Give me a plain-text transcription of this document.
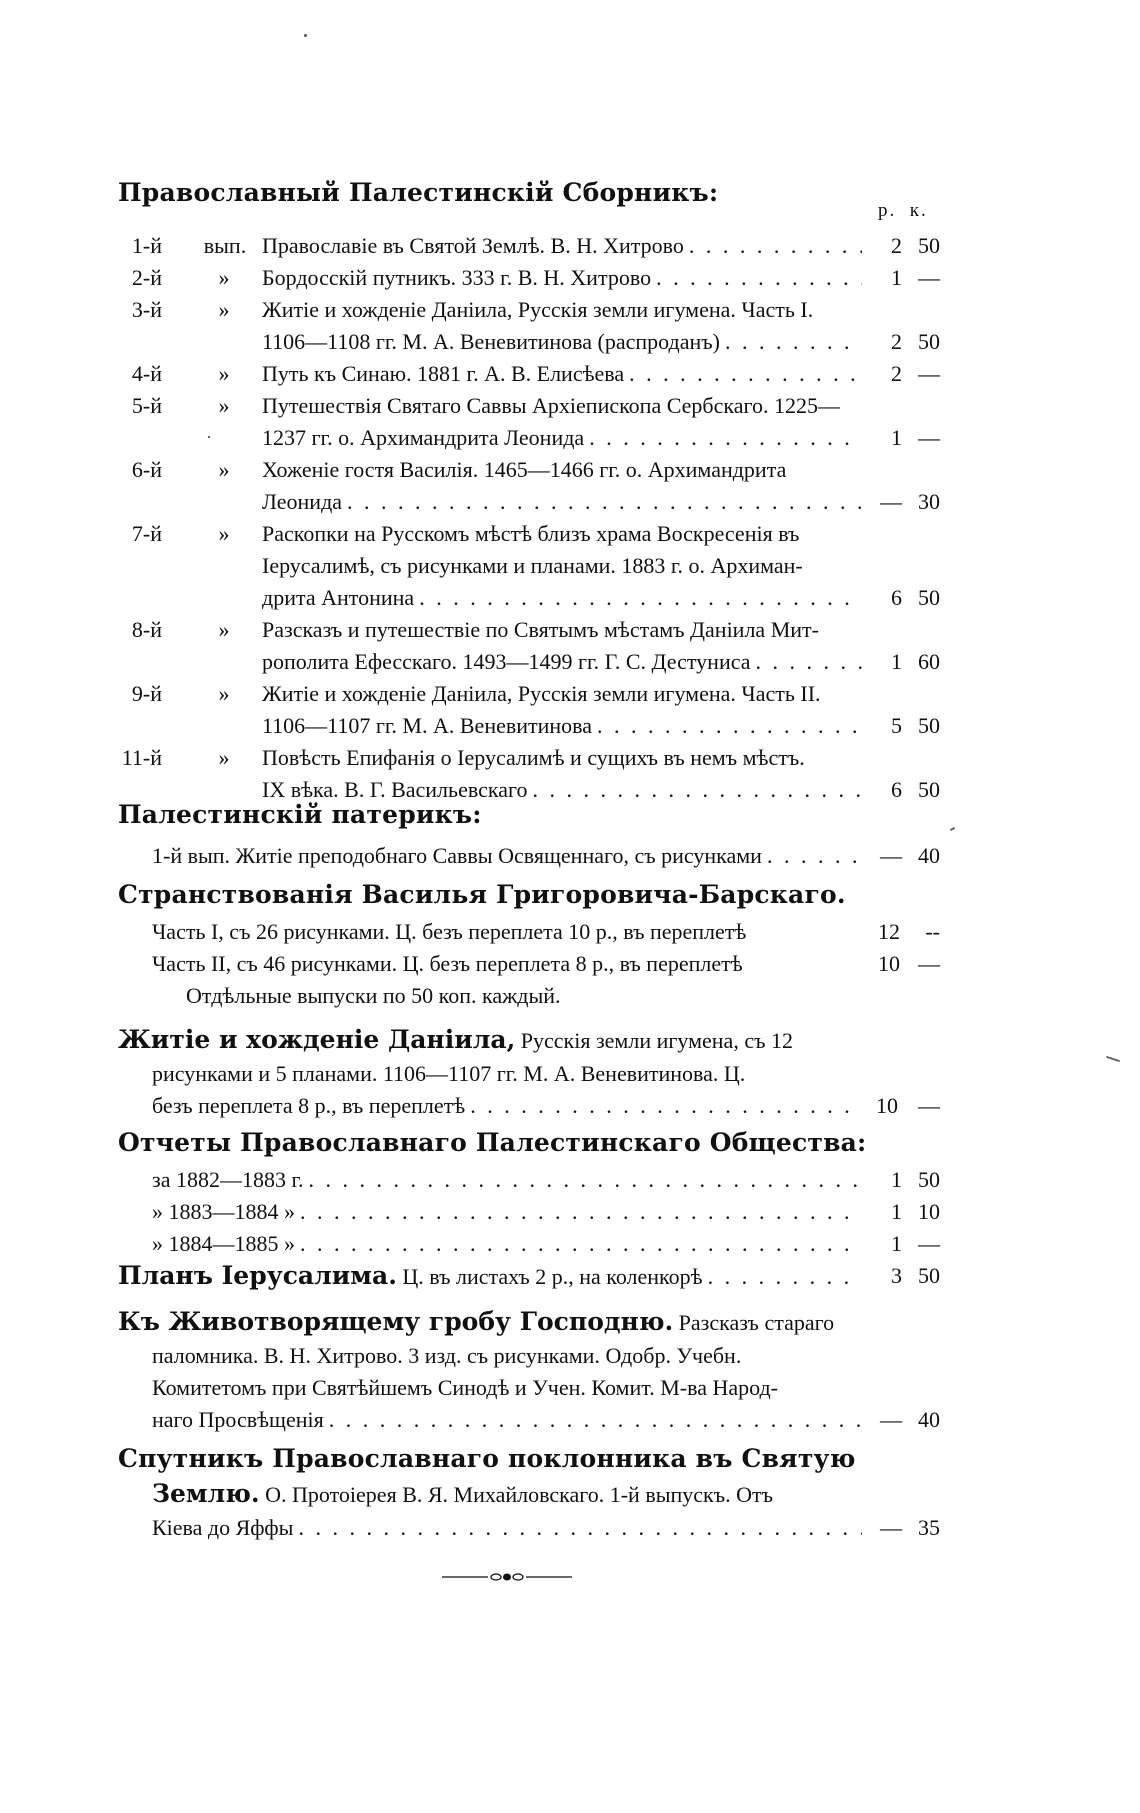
Православный Палестинскій Сборникъ:
р. к.
1-й вып. Православіе въ Святой Землѣ. В. Н. Хитрово . . .	2 50
2-й	» Бордосскій путникъ. 333 г. В. Н. Хитрово . . .	1 —
3-й	» Житіе и хожденіе Даніила, Русскія земли игумена. Часть I.
1106—1108 гг. М. А. Веневитинова (распроданъ) . . .	2 50
4-й	» Путь къ Синаю. 1881 г. А. В. Елисѣева . . .	2 —
5-й	» Путешествія Святаго Саввы Архіепископа Сербскаго. 1225—
1237 гг. о. Архимандрита Леонида . . .	1 —
6-й	» Хоженіе гостя Василія. 1465—1466 гг. о. Архимандрита
Леонида . . .	— 30
7-й	» Раскопки на Русскомъ мѣстѣ близъ храма Воскресенія въ
Іерусалимѣ, съ рисунками и планами. 1883 г. о. Архиман-
дрита Антонина . . .	6 50
8-й	» Разсказъ и путешествіе по Святымъ мѣстамъ Даніила Мит-
рополита Ефесскаго. 1493—1499 гг. Г. С. Дестуниса . . .	1 60
9-й	» Житіе и хожденіе Даніила, Русскія земли игумена. Часть II.
1106—1107 гг. М. А. Веневитинова . . .	5 50
11-й	» Повѣсть Епифанія о Іерусалимѣ и сущихъ въ немъ мѣстъ.
IX вѣка. В. Г. Васильевскаго . . .	6 50
Палестинскій патерикъ:
1-й вып. Житіе преподобнаго Саввы Освященнаго, съ рисунками . . .	— 40
Странствованія Василья Григоровича-Барскаго.
Часть I, съ 26 рисунками. Ц. безъ переплета 10 р., въ переплетѣ	12	--
Часть II, съ 46 рисунками. Ц. безъ переплета 8 р., въ переплетѣ	10 —
Отдѣльные выпуски по 50 коп. каждый.
Житіе и хожденіе Даніила,
Русскія земли игумена, съ 12
рисунками и 5 планами. 1106—1107 гг. М. А. Веневитинова. Ц.
безъ переплета 8 р., въ переплетѣ . . .	10 —
Отчеты Православнаго Палестинскаго Общества:
за 1882—1883 г. . . .	1 50
» 1883—1884 » . . .	1 10
» 1884—1885 » . . .	1 —
Планъ Іерусалима. Ц. въ листахъ 2 р., на коленкорѣ . . .	3 50
Къ Животворящему гробу Господню.
Разсказъ стараго
паломника. В. Н. Хитрово. 3 изд. съ рисунками. Одобр. Учебн.
Комитетомъ при Святѣйшемъ Синодѣ и Учен. Комит. М-ва Народ-
наго Просвѣщенія . . .	— 40
Спутникъ Православнаго поклонника въ Святую
Землю.
О. Протоіерея В. Я. Михайловскаго. 1-й выпускъ. Отъ
Кіева до Яффы . . .	— 35
